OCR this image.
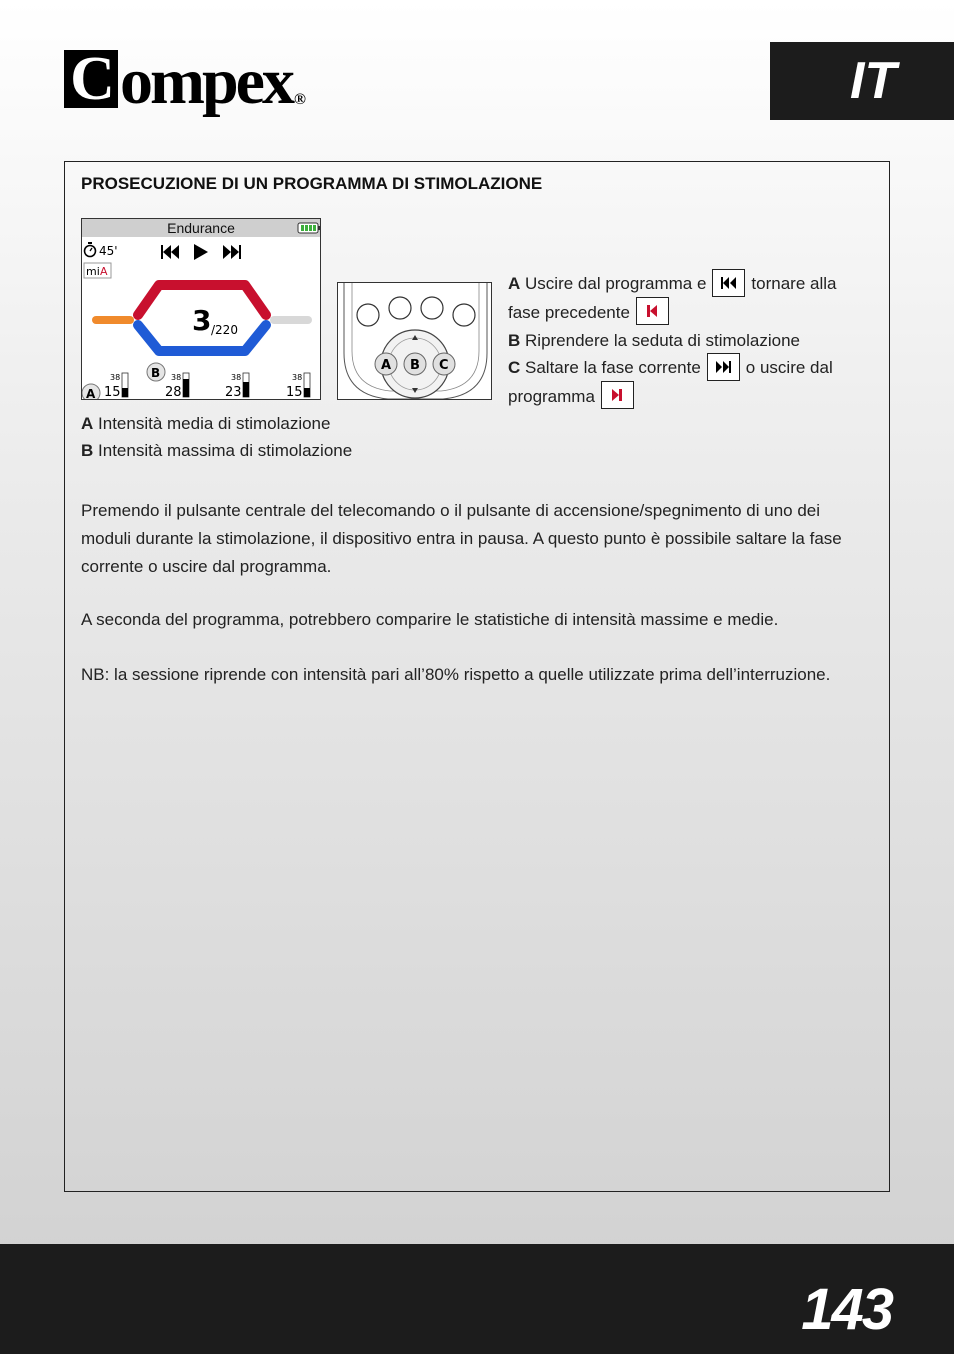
C ompex ®	IT
PROSECUZIONE DI UN PROGRAMMA DI STIMOLAZIONE
Endurance
45'
mi A
3 /220
B
A
38
15
38
28
38
23
38
15
A B C
A Uscire dal programma e	tornare alla fase precedente
B Riprendere la seduta di stimolazione
C Saltare la fase corrente	o uscire dal programma
A Intensità media di stimolazione
B Intensità massima di stimolazione

Premendo il pulsante centrale del telecomando o il pulsante di accensione/spegnimento di uno dei moduli durante la stimolazione, il dispositivo entra in pausa. A questo punto è possibile saltare la fase corrente o uscire dal programma.

A seconda del programma, potrebbero comparire le statistiche di intensità massime e medie.

NB: la sessione riprende con intensità pari all’80% rispetto a quelle utilizzate prima dell’interruzione.

143
